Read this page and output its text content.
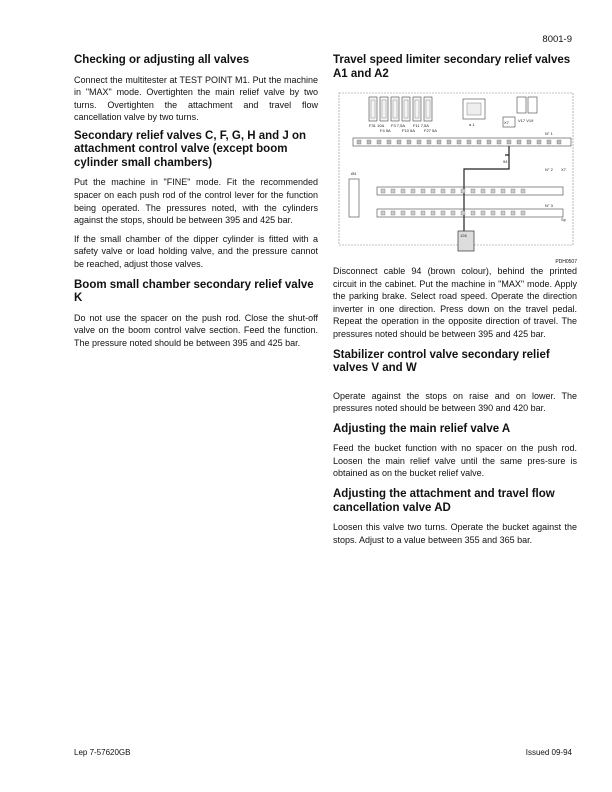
8001-9
Checking or adjusting all valves

Connect the multitester at TEST POINT M1. Put the machine in "MAX" mode. Overtighten the main relief valve by two turns. Overtighten the attachment and travel flow cancellation valve by two turns.

Secondary relief valves C, F, G, H and J on attachment control valve (except boom cylinder small chambers)

Put the machine in "FINE" mode. Fit the recommended spacer on each push rod of the control lever for the function being operated. The pressures noted, with the cylinders against the stops, should be between 395 and 425 bar.

If the small chamber of the dipper cylinder is fitted with a safety valve or load holding valve, and the pressure cannot be reached, adjust those valves.

Boom small chamber secondary relief valve K

Do not use the spacer on the push rod. Close the shut-off valve on the boom control valve section. Feed the function. The pressure noted should be between 395 and 425 bar.

Travel speed limiter secondary relief valves A1 and A2
F31 10A
F4 5A
F3 7,5A
F10 5A
F11 7,5A
F27 5A
a 1	X7 V17 V19
N° 1
94
N° 2 X7
Ø4
N° 3
Sp
128
PDH0507

Disconnect cable 94 (brown colour), behind the printed circuit in the cabinet. Put the machine in "MAX" mode. Apply the parking brake. Select road speed. Operate the direction inverter in one direction. Press down on the travel pedal. Repeat the operation in the opposite direction of travel. The pressures noted should be between 395 and 425 bar.

Stabilizer control valve secondary relief valves V and W

Operate against the stops on raise and on lower. The pressures noted should be between 390 and 420 bar.

Adjusting the main relief valve A

Feed the bucket function with no spacer on the push rod. Loosen the main relief valve until the same pres-sure is obtained as on the bucket relief valve.

Adjusting the attachment and travel flow cancellation valve AD

Loosen this valve two turns. Operate the bucket against the stops. Adjust to a value between 355 and 365 bar.

Lep 7-57620GB	Issued 09-94
